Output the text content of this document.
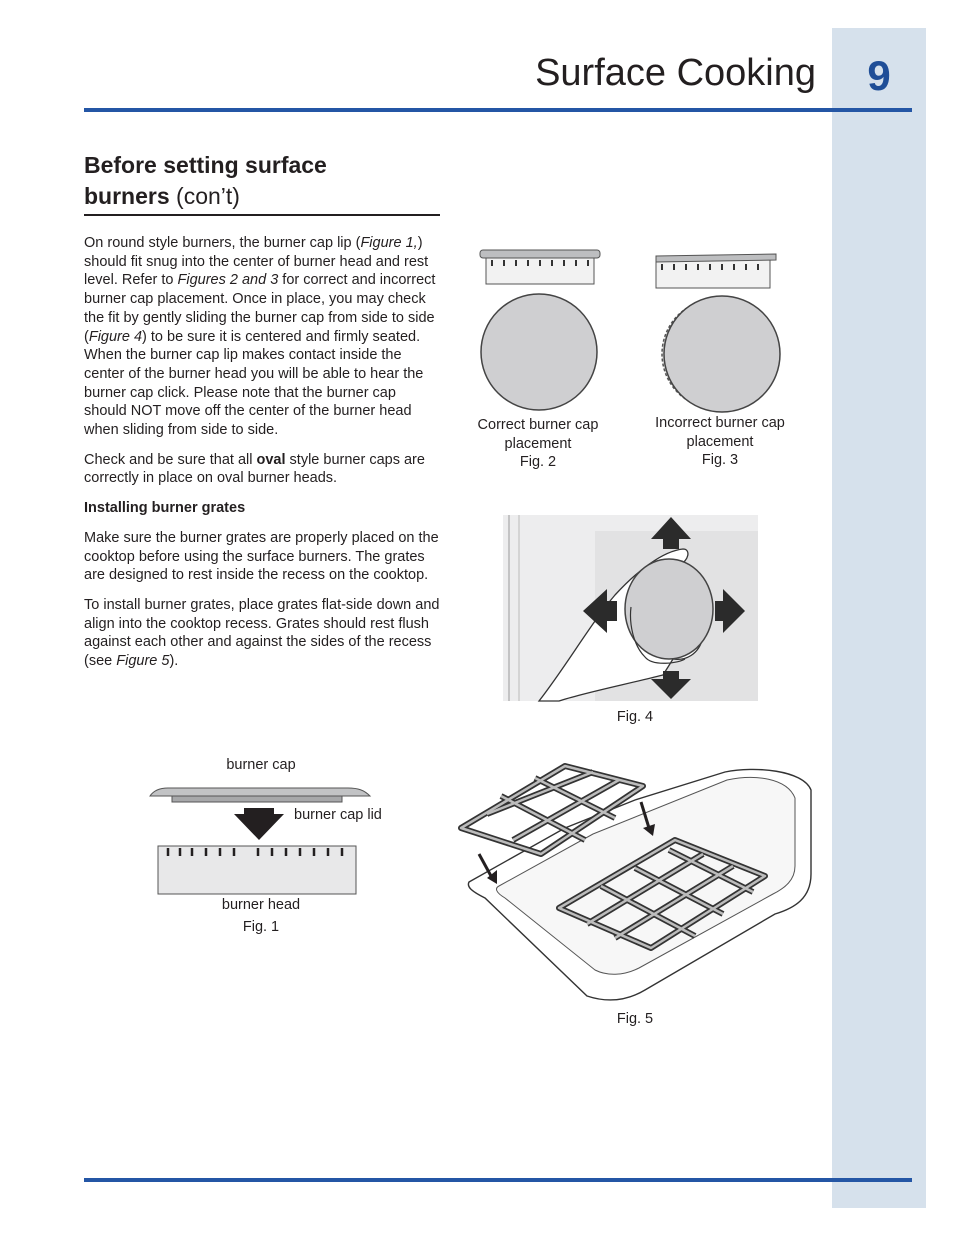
Surface Cooking	9
Before setting surface burners (con’t)

On round style burners, the burner cap lip (Figure 1,) should fit snug into the center of burner head and rest level. Refer to Figures 2 and 3 for correct and incorrect burner cap placement. Once in place, you may check the fit by gently sliding the burner cap from side to side (Figure 4) to be sure it is centered and firmly seated. When the burner cap lip makes contact inside the center of the burner head you will be able to hear the burner cap click. Please note that the burner cap should NOT move off the center of the burner head when sliding from side to side.

Check and be sure that all oval style burner caps are correctly in place on oval burner heads.

Installing burner grates

Make sure the burner grates are properly placed on the cooktop before using the surface burners. The grates are designed to rest inside the recess on the cooktop.

To install burner grates, place grates flat-side down and align into the cooktop recess. Grates should rest flush against each other and against the sides of the recess (see Figure 5).

Correct burner cap
placement
Fig. 2
Incorrect burner cap
placement
Fig. 3
Fig. 4
burner cap
burner cap lid
burner head
Fig. 1
Fig. 5
